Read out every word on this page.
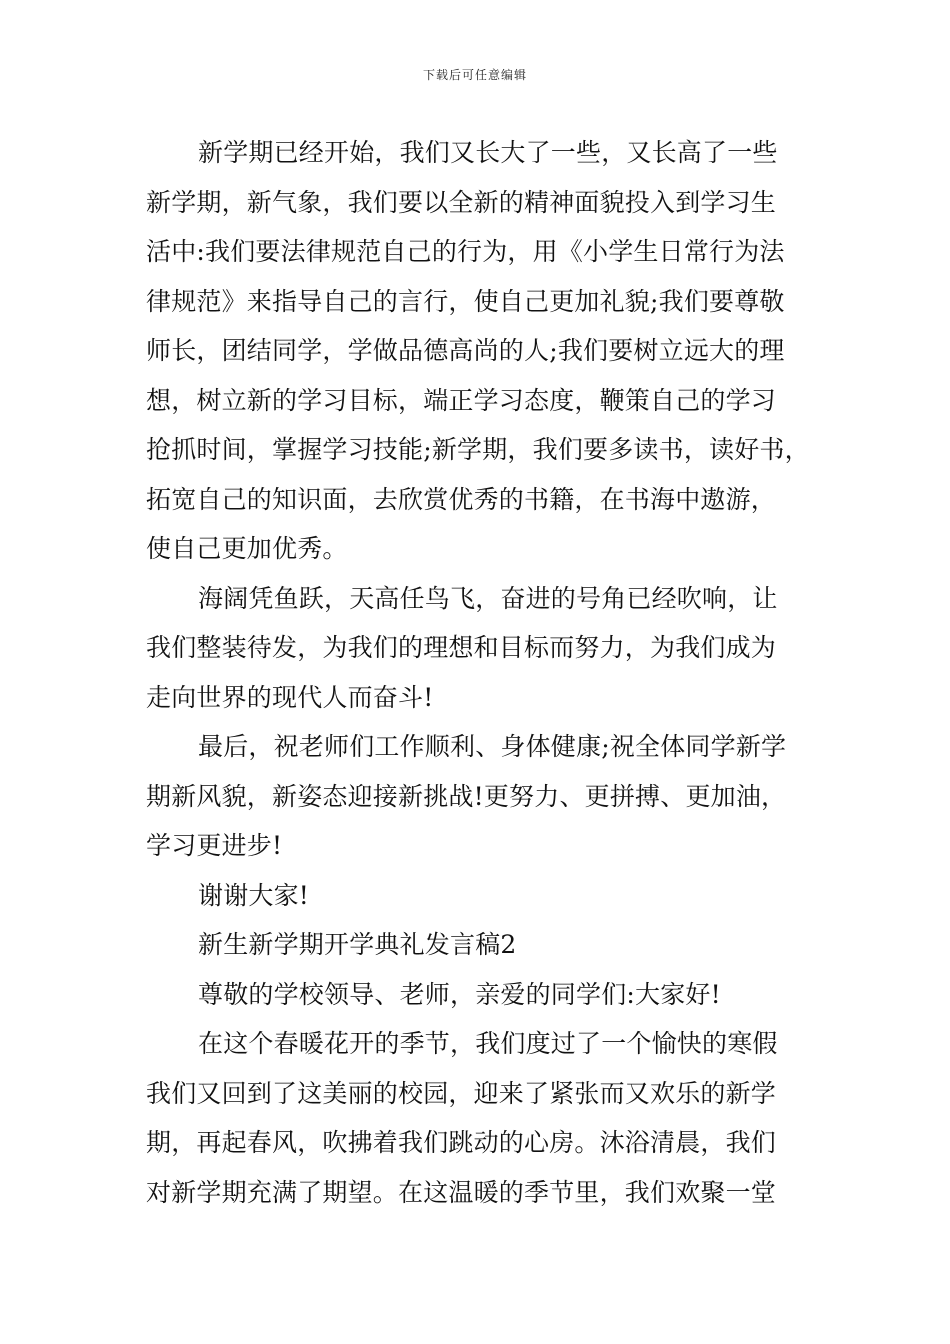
下载后可任意编辑
新学期已经开始，我们又长大了一些，又长高了一些
新学期，新气象，我们要以全新的精神面貌投入到学习生
活中:我们要法律规范自己的行为，用《小学生日常行为法
律规范》来指导自己的言行，使自己更加礼貌;我们要尊敬
师长，团结同学，学做品德高尚的人;我们要树立远大的理
想，树立新的学习目标，端正学习态度，鞭策自己的学习
抢抓时间，掌握学习技能;新学期，我们要多读书，读好书，
拓宽自己的知识面，去欣赏优秀的书籍，在书海中遨游，
使自己更加优秀。
海阔凭鱼跃，天高任鸟飞，奋进的号角已经吹响，让
我们整装待发，为我们的理想和目标而努力，为我们成为
走向世界的现代人而奋斗!
最后，祝老师们工作顺利、身体健康;祝全体同学新学
期新风貌，新姿态迎接新挑战!更努力、更拼搏、更加油，
学习更进步!
谢谢大家!
新生新学期开学典礼发言稿2
尊敬的学校领导、老师，亲爱的同学们:大家好!
在这个春暖花开的季节，我们度过了一个愉快的寒假
我们又回到了这美丽的校园，迎来了紧张而又欢乐的新学
期，再起春风，吹拂着我们跳动的心房。沐浴清晨，我们
对新学期充满了期望。在这温暖的季节里，我们欢聚一堂
